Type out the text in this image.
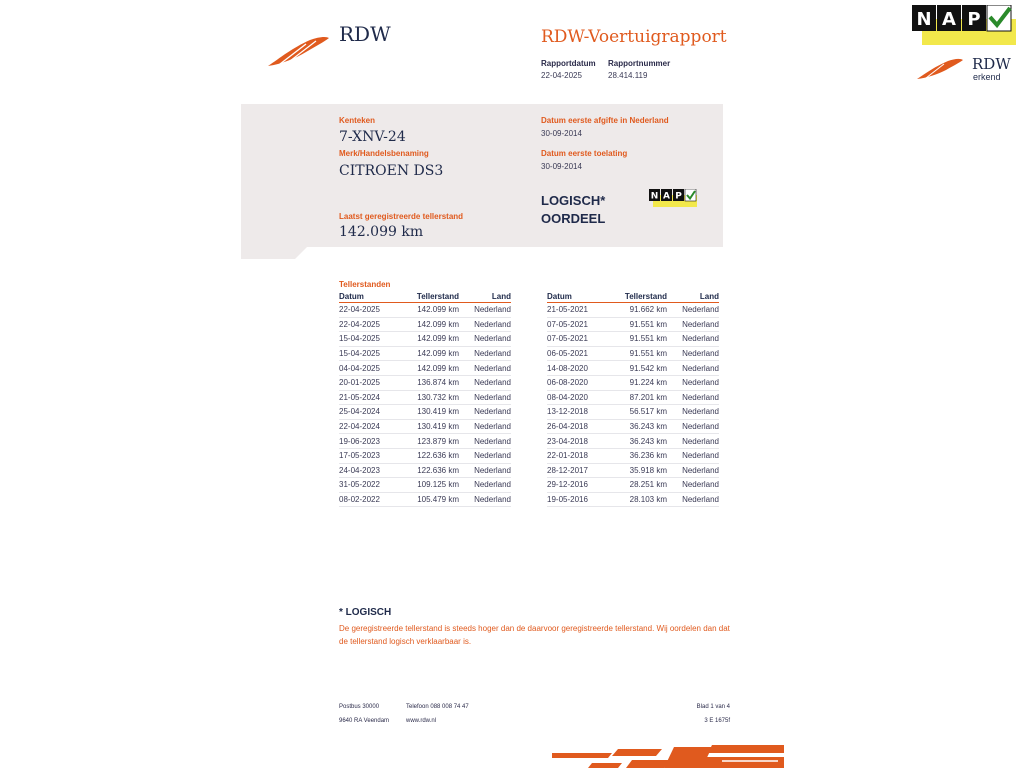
RDW	RDW-Voertuigrapport
Rapportdatum
22-04-2025
Rapportnummer
28.414.119
N A P
RDW
erkend
Kenteken
7-XNV-24
Merk/Handelsbenaming
CITROEN DS3
Datum eerste afgifte in Nederland
30-09-2014
Datum eerste toelating
30-09-2014
LOGISCH*
OORDEEL
N A P
Laatst geregistreerde tellerstand
142.099 km
Tellerstanden
Datum	Tellerstand	Land
22-04-2025	142.099 km	Nederland
22-04-2025	142.099 km	Nederland
15-04-2025	142.099 km	Nederland
15-04-2025	142.099 km	Nederland
04-04-2025	142.099 km	Nederland
20-01-2025	136.874 km	Nederland
21-05-2024	130.732 km	Nederland
25-04-2024	130.419 km	Nederland
22-04-2024	130.419 km	Nederland
19-06-2023	123.879 km	Nederland
17-05-2023	122.636 km	Nederland
24-04-2023	122.636 km	Nederland
31-05-2022	109.125 km	Nederland
08-02-2022	105.479 km	Nederland
Datum	Tellerstand	Land
21-05-2021	91.662 km	Nederland
07-05-2021	91.551 km	Nederland
07-05-2021	91.551 km	Nederland
06-05-2021	91.551 km	Nederland
14-08-2020	91.542 km	Nederland
06-08-2020	91.224 km	Nederland
08-04-2020	87.201 km	Nederland
13-12-2018	56.517 km	Nederland
26-04-2018	36.243 km	Nederland
23-04-2018	36.243 km	Nederland
22-01-2018	36.236 km	Nederland
28-12-2017	35.918 km	Nederland
29-12-2016	28.251 km	Nederland
19-05-2016	28.103 km	Nederland
* LOGISCH
De geregistreerde tellerstand is steeds hoger dan de daarvoor geregistreerde tellerstand. Wij oordelen dan dat de tellerstand logisch verklaarbaar is.
Postbus 30000
9640 RA Veendam
Telefoon 088 008 74 47
www.rdw.nl
Blad 1 van 4
3 E 1675f
